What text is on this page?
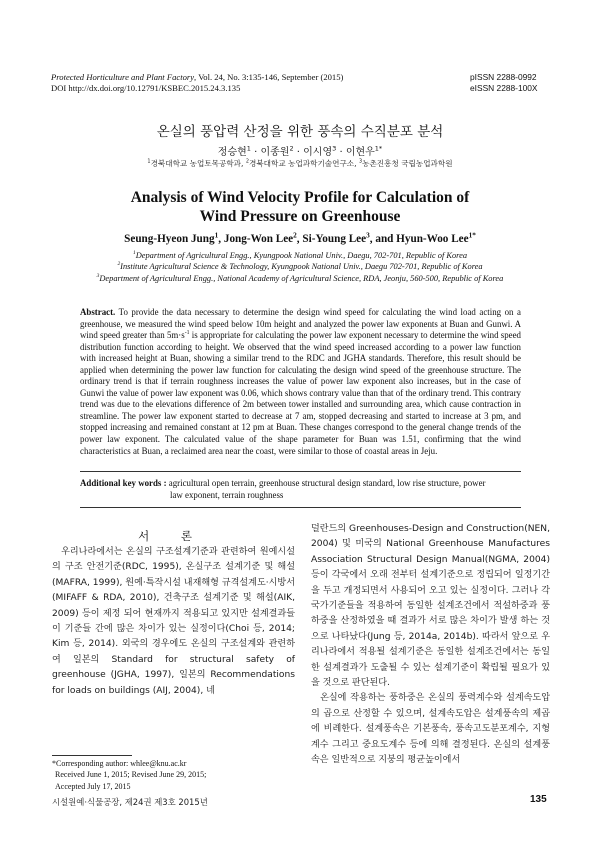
Protected Horticulture and Plant Factory, Vol. 24, No. 3:135-146, September (2015)
DOI http://dx.doi.org/10.12791/KSBEC.2015.24.3.135
pISSN 2288-0992
eISSN 2288-100X
온실의 풍압력 산정을 위한 풍속의 수직분포 분석
정승현$^1$ · 이종원$^2$ · 이시영$^3$ · 이현우$^{1*}$
$^1$경북대학교 농업토목공학과, $^2$경북대학교 농업과학기술연구소, $^3$농촌진흥청 국립농업과학원
Analysis of Wind Velocity Profile for Calculation of
Wind Pressure on Greenhouse
Seung-Hyeon Jung$^1$, Jong-Won Lee$^2$, Si-Young Lee$^3$, and Hyun-Woo Lee$^{1*}$
$^1$Department of Agricultural Engg., Kyungpook National Univ., Daegu, 702-701, Republic of Korea
$^2$Institute Agricultural Science & Technology, Kyungpook National Univ., Daegu 702-701, Republic of Korea
$^3$Department of Agricultural Engg., National Academy of Agricultural Science, RDA, Jeonju, 560-500, Republic of Korea
Abstract. To provide the data necessary to determine the design wind speed for calculating the wind load acting on a greenhouse, we measured the wind speed below 10m height and analyzed the power law exponents at Buan and Gunwi. A wind speed greater than $5m\cdot s^{-1}$ is appropriate for calculating the power law exponent necessary to determine the wind speed distribution function according to height. We observed that the wind speed increased according to a power law function with increased height at Buan, showing a similar trend to the RDC and JGHA standards. Therefore, this result should be applied when determining the power law function for calculating the design wind speed of the greenhouse structure. The ordinary trend is that if terrain roughness increases the value of power law exponent also increases, but in the case of Gunwi the value of power law exponent was 0.06, which shows contrary value than that of the ordinary trend. This contrary trend was due to the elevations difference of 2m between tower installed and surrounding area, which cause contraction in streamline. The power law exponent started to decrease at 7 am, stopped decreasing and started to increase at 3 pm, and stopped increasing and remained constant at 12 pm at Buan. These changes correspond to the general change trends of the power law exponent. The calculated value of the shape parameter for Buan was 1.51, confirming that the wind characteristics at Buan, a reclaimed area near the coast, were similar to those of coastal areas in Jeju.
Additional key words : agricultural open terrain, greenhouse structural design standard, low rise structure, power
law exponent, terrain roughness
서 론

우리나라에서는 온실의 구조설계기준과 관련하여 원예시설의 구조 안전기준(RDC, 1995), 온실구조 설계기준 및 해설(MAFRA, 1999), 원예·특작시설 내재해형 규격설계도·시방서(MIFAFF & RDA, 2010), 건축구조 설계기준 및 해설(AIK, 2009) 등이 제정 되어 현재까지 적용되고 있지만 설계결과들이 기준들 간에 많은 차이가 있는 실정이다(Choi 등, 2014; Kim 등, 2014). 외국의 경우에도 온실의 구조설계와 관련하여 일본의 Standard for structural safety of greenhouse (JGHA, 1997), 일본의 Recommendations for loads on buildings (AIJ, 2004), 네

덜란드의 Greenhouses-Design and Construction(NEN, 2004) 및 미국의 National Greenhouse Manufactures Association Structural Design Manual(NGMA, 2004)등이 각국에서 오래 전부터 설계기준으로 정립되어 일정기간을 두고 개정되면서 사용되어 오고 있는 실정이다. 그러나 각 국가기준들을 적용하여 동일한 설계조건에서 적설하중과 풍하중을 산정하였을 때 결과가 서로 많은 차이가 발생 하는 것으로 나타났다(Jung 등, 2014a, 2014b). 따라서 앞으로 우리나라에서 적용될 설계기준은 동일한 설계조건에서는 동일한 설계결과가 도출될 수 있는 설계기준이 확립될 필요가 있을 것으로 판단된다.

온실에 작용하는 풍하중은 온실의 풍력계수와 설계속도압의 곱으로 산정할 수 있으며, 설계속도압은 설계풍속의 제곱에 비례한다. 설계풍속은 기본풍속, 풍속고도분포계수, 지형계수 그리고 중요도계수 등에 의해 결정된다. 온실의 설계풍속은 일반적으로 지붕의 평균높이에서

*Corresponding author: whlee@knu.ac.kr
Received June 1, 2015; Revised June 29, 2015;
Accepted July 17, 2015
시설원예·식물공장, 제24권 제3호 2015년	135
